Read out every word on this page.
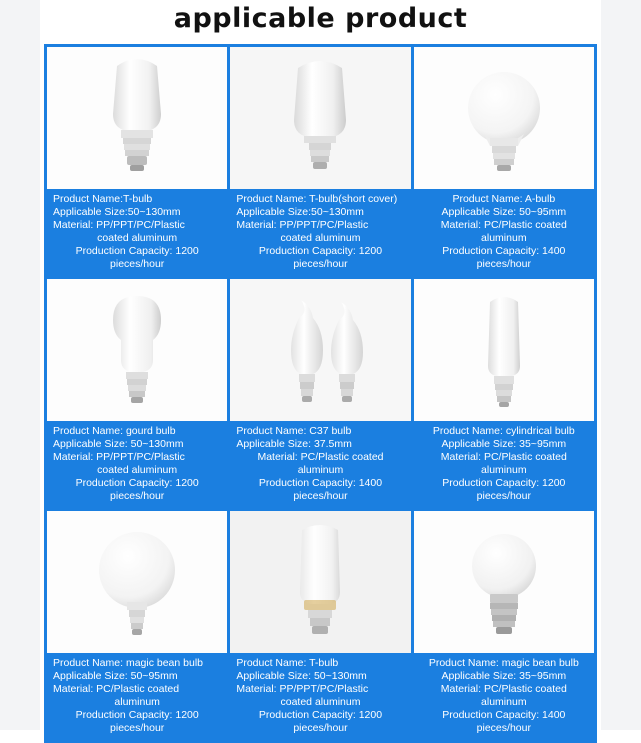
applicable product
Product Name:T-bulb
Applicable Size:50~130mm
Material: PP/PPT/PC/Plastic
coated aluminum
Production Capacity: 1200 pieces/hour
Product Name: T-bulb(short cover)
Applicable Size:50~130mm
Material: PP/PPT/PC/Plastic
coated aluminum
Production Capacity: 1200 pieces/hour
Product Name: A-bulb
Applicable Size: 50~95mm
Material: PC/Plastic coated
aluminum
Production Capacity: 1400 pieces/hour
Product Name: gourd bulb
Applicable Size: 50~130mm
Material: PP/PPT/PC/Plastic
coated aluminum
Production Capacity: 1200 pieces/hour
Product Name: C37 bulb
Applicable Size: 37.5mm
Material: PC/Plastic coated
aluminum
Production Capacity: 1400 pieces/hour
Product Name: cylindrical bulb
Applicable Size: 35~95mm
Material: PC/Plastic coated
aluminum
Production Capacity: 1200 pieces/hour
Product Name: magic bean bulb
Applicable Size: 50~95mm
Material: PC/Plastic coated
aluminum
Production Capacity: 1200 pieces/hour
Product Name: T-bulb
Applicable Size: 50~130mm
Material: PP/PPT/PC/Plastic
coated aluminum
Production Capacity: 1200 pieces/hour
Product Name: magic bean bulb
Applicable Size: 35~95mm
Material: PC/Plastic coated
aluminum
Production Capacity: 1400 pieces/hour
